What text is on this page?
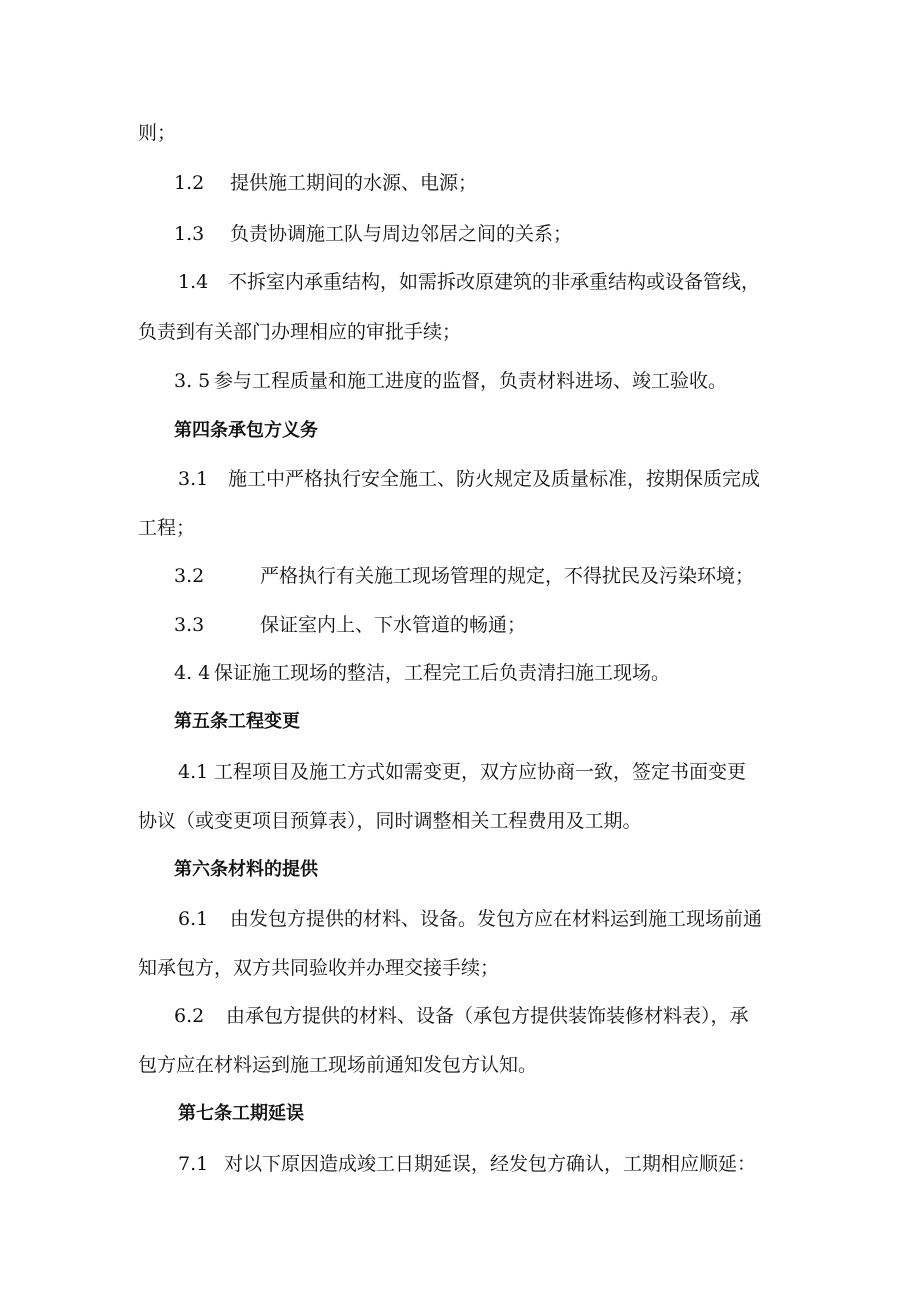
则；
1.2 提供施工期间的水源、电源；
1.3 负责协调施工队与周边邻居之间的关系；
1.4 不拆室内承重结构，如需拆改原建筑的非承重结构或设备管线，
负责到有关部门办理相应的审批手续；
3. 5 参与工程质量和施工进度的监督，负责材料进场、竣工验收。
第四条承包方义务
3.1 施工中严格执行安全施工、防火规定及质量标准，按期保质完成
工程；
3.2	严格执行有关施工现场管理的规定，不得扰民及污染环境；
3.3	保证室内上、下水管道的畅通；
4. 4 保证施工现场的整洁，工程完工后负责清扫施工现场。
第五条工程变更
4.1 工程项目及施工方式如需变更，双方应协商一致，签定书面变更
协议（或变更项目预算表），同时调整相关工程费用及工期。
第六条材料的提供
6.1 由发包方提供的材料、设备。发包方应在材料运到施工现场前通
知承包方，双方共同验收并办理交接手续；
6.2 由承包方提供的材料、设备（承包方提供装饰装修材料表），承
包方应在材料运到施工现场前通知发包方认知。
第七条工期延误
7.1 对以下原因造成竣工日期延误，经发包方确认，工期相应顺延：
